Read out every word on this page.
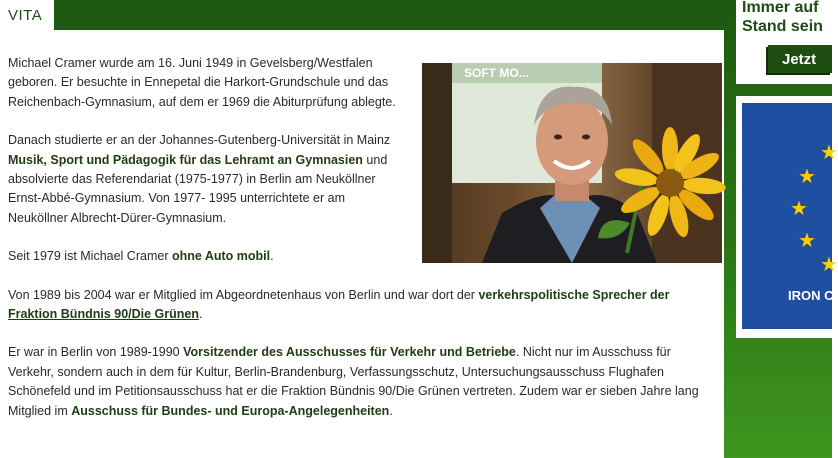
VITA
SOFT MO...

Michael Cramer wurde am 16. Juni 1949 in Gevelsberg/Westfalen geboren. Er besuchte in Ennepetal die Harkort-Grundschule und das Reichenbach-Gymnasium, auf dem er 1969 die Abiturprüfung ablegte.

Danach studierte er an der Johannes-Gutenberg-Universität in Mainz Musik, Sport und Pädagogik für das Lehramt an Gymnasien und absolvierte das Referendariat (1975-1977) in Berlin am Neuköllner Ernst-Abbé-Gymnasium. Von 1977- 1995 unterrichtete er am Neuköllner Albrecht-Dürer-Gymnasium.

Seit 1979 ist Michael Cramer ohne Auto mobil.

Von 1989 bis 2004 war er Mitglied im Abgeordnetenhaus von Berlin und war dort der verkehrspolitische Sprecher der Fraktion Bündnis 90/Die Grünen.

Er war in Berlin von 1989-1990 Vorsitzender des Ausschusses für Verkehr und Betriebe. Nicht nur im Ausschuss für Verkehr, sondern auch in dem für Kultur, Berlin-Brandenburg, Verfassungsschutz, Untersuchungsausschuss Flughafen Schönefeld und im Petitionsausschuss hat er die Fraktion Bündnis 90/Die Grünen vertreten. Zudem war er sieben Jahre lang Mitglied im Ausschuss für Bundes- und Europa-Angelegenheiten.

Immer auf
Stand sein
Jetzt
★
★
★
★
★
IRON C
